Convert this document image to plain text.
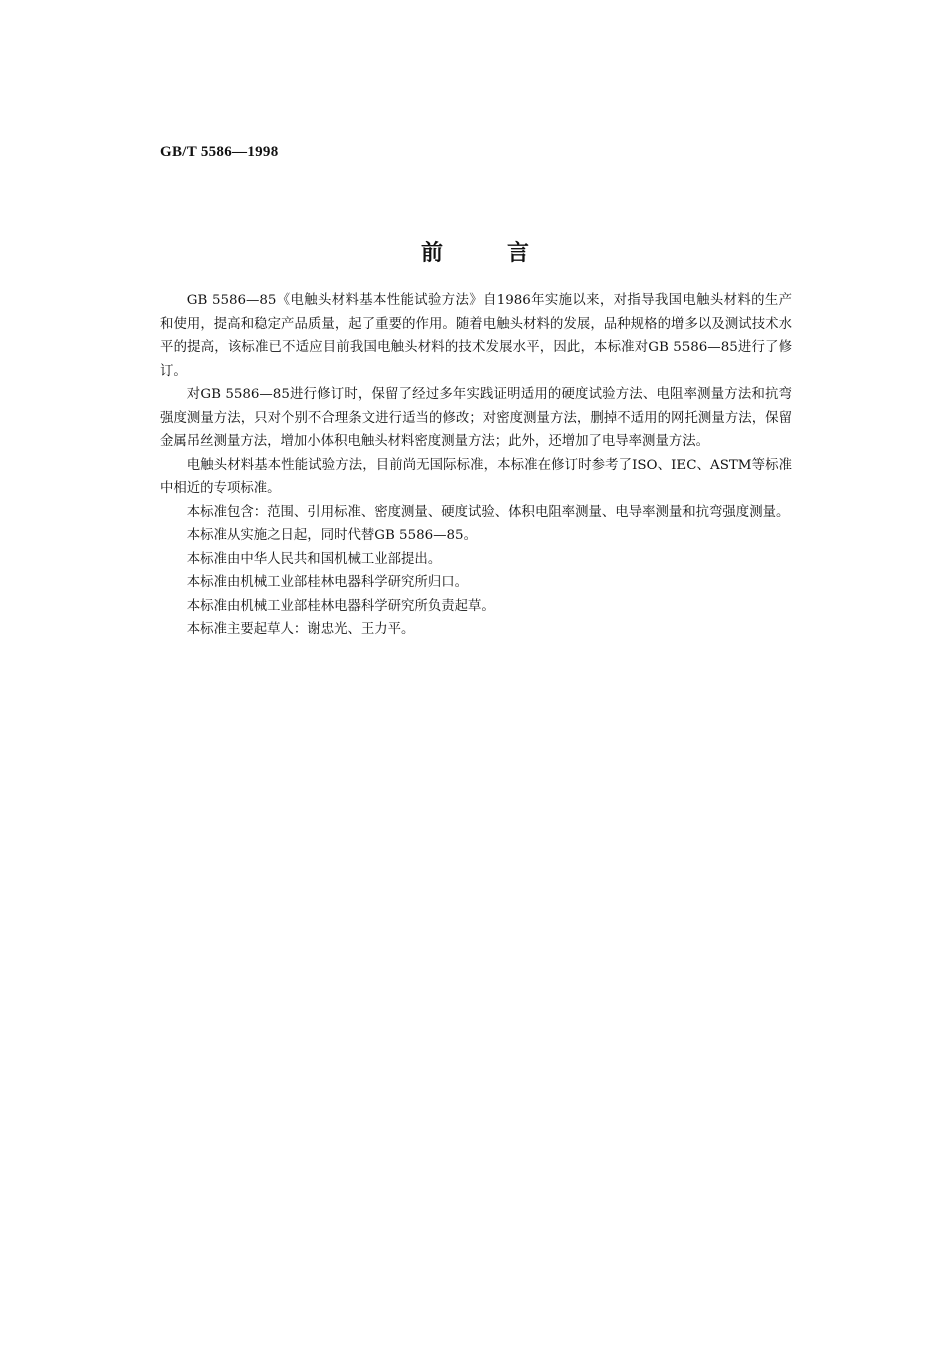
GB/T 5586—1998
前言

GB 5586—85《电触头材料基本性能试验方法》自1986年实施以来，对指导我国电触头材料的生产和使用，提高和稳定产品质量，起了重要的作用。随着电触头材料的发展，品种规格的增多以及测试技术水平的提高，该标准已不适应目前我国电触头材料的技术发展水平，因此，本标准对GB 5586—85进行了修订。

对GB 5586—85进行修订时，保留了经过多年实践证明适用的硬度试验方法、电阻率测量方法和抗弯强度测量方法，只对个别不合理条文进行适当的修改；对密度测量方法，删掉不适用的网托测量方法，保留金属吊丝测量方法，增加小体积电触头材料密度测量方法；此外，还增加了电导率测量方法。

电触头材料基本性能试验方法，目前尚无国际标准，本标准在修订时参考了ISO、IEC、ASTM等标准中相近的专项标准。

本标准包含：范围、引用标准、密度测量、硬度试验、体积电阻率测量、电导率测量和抗弯强度测量。

本标准从实施之日起，同时代替GB 5586—85。

本标准由中华人民共和国机械工业部提出。

本标准由机械工业部桂林电器科学研究所归口。

本标准由机械工业部桂林电器科学研究所负责起草。

本标准主要起草人：谢忠光、王力平。
